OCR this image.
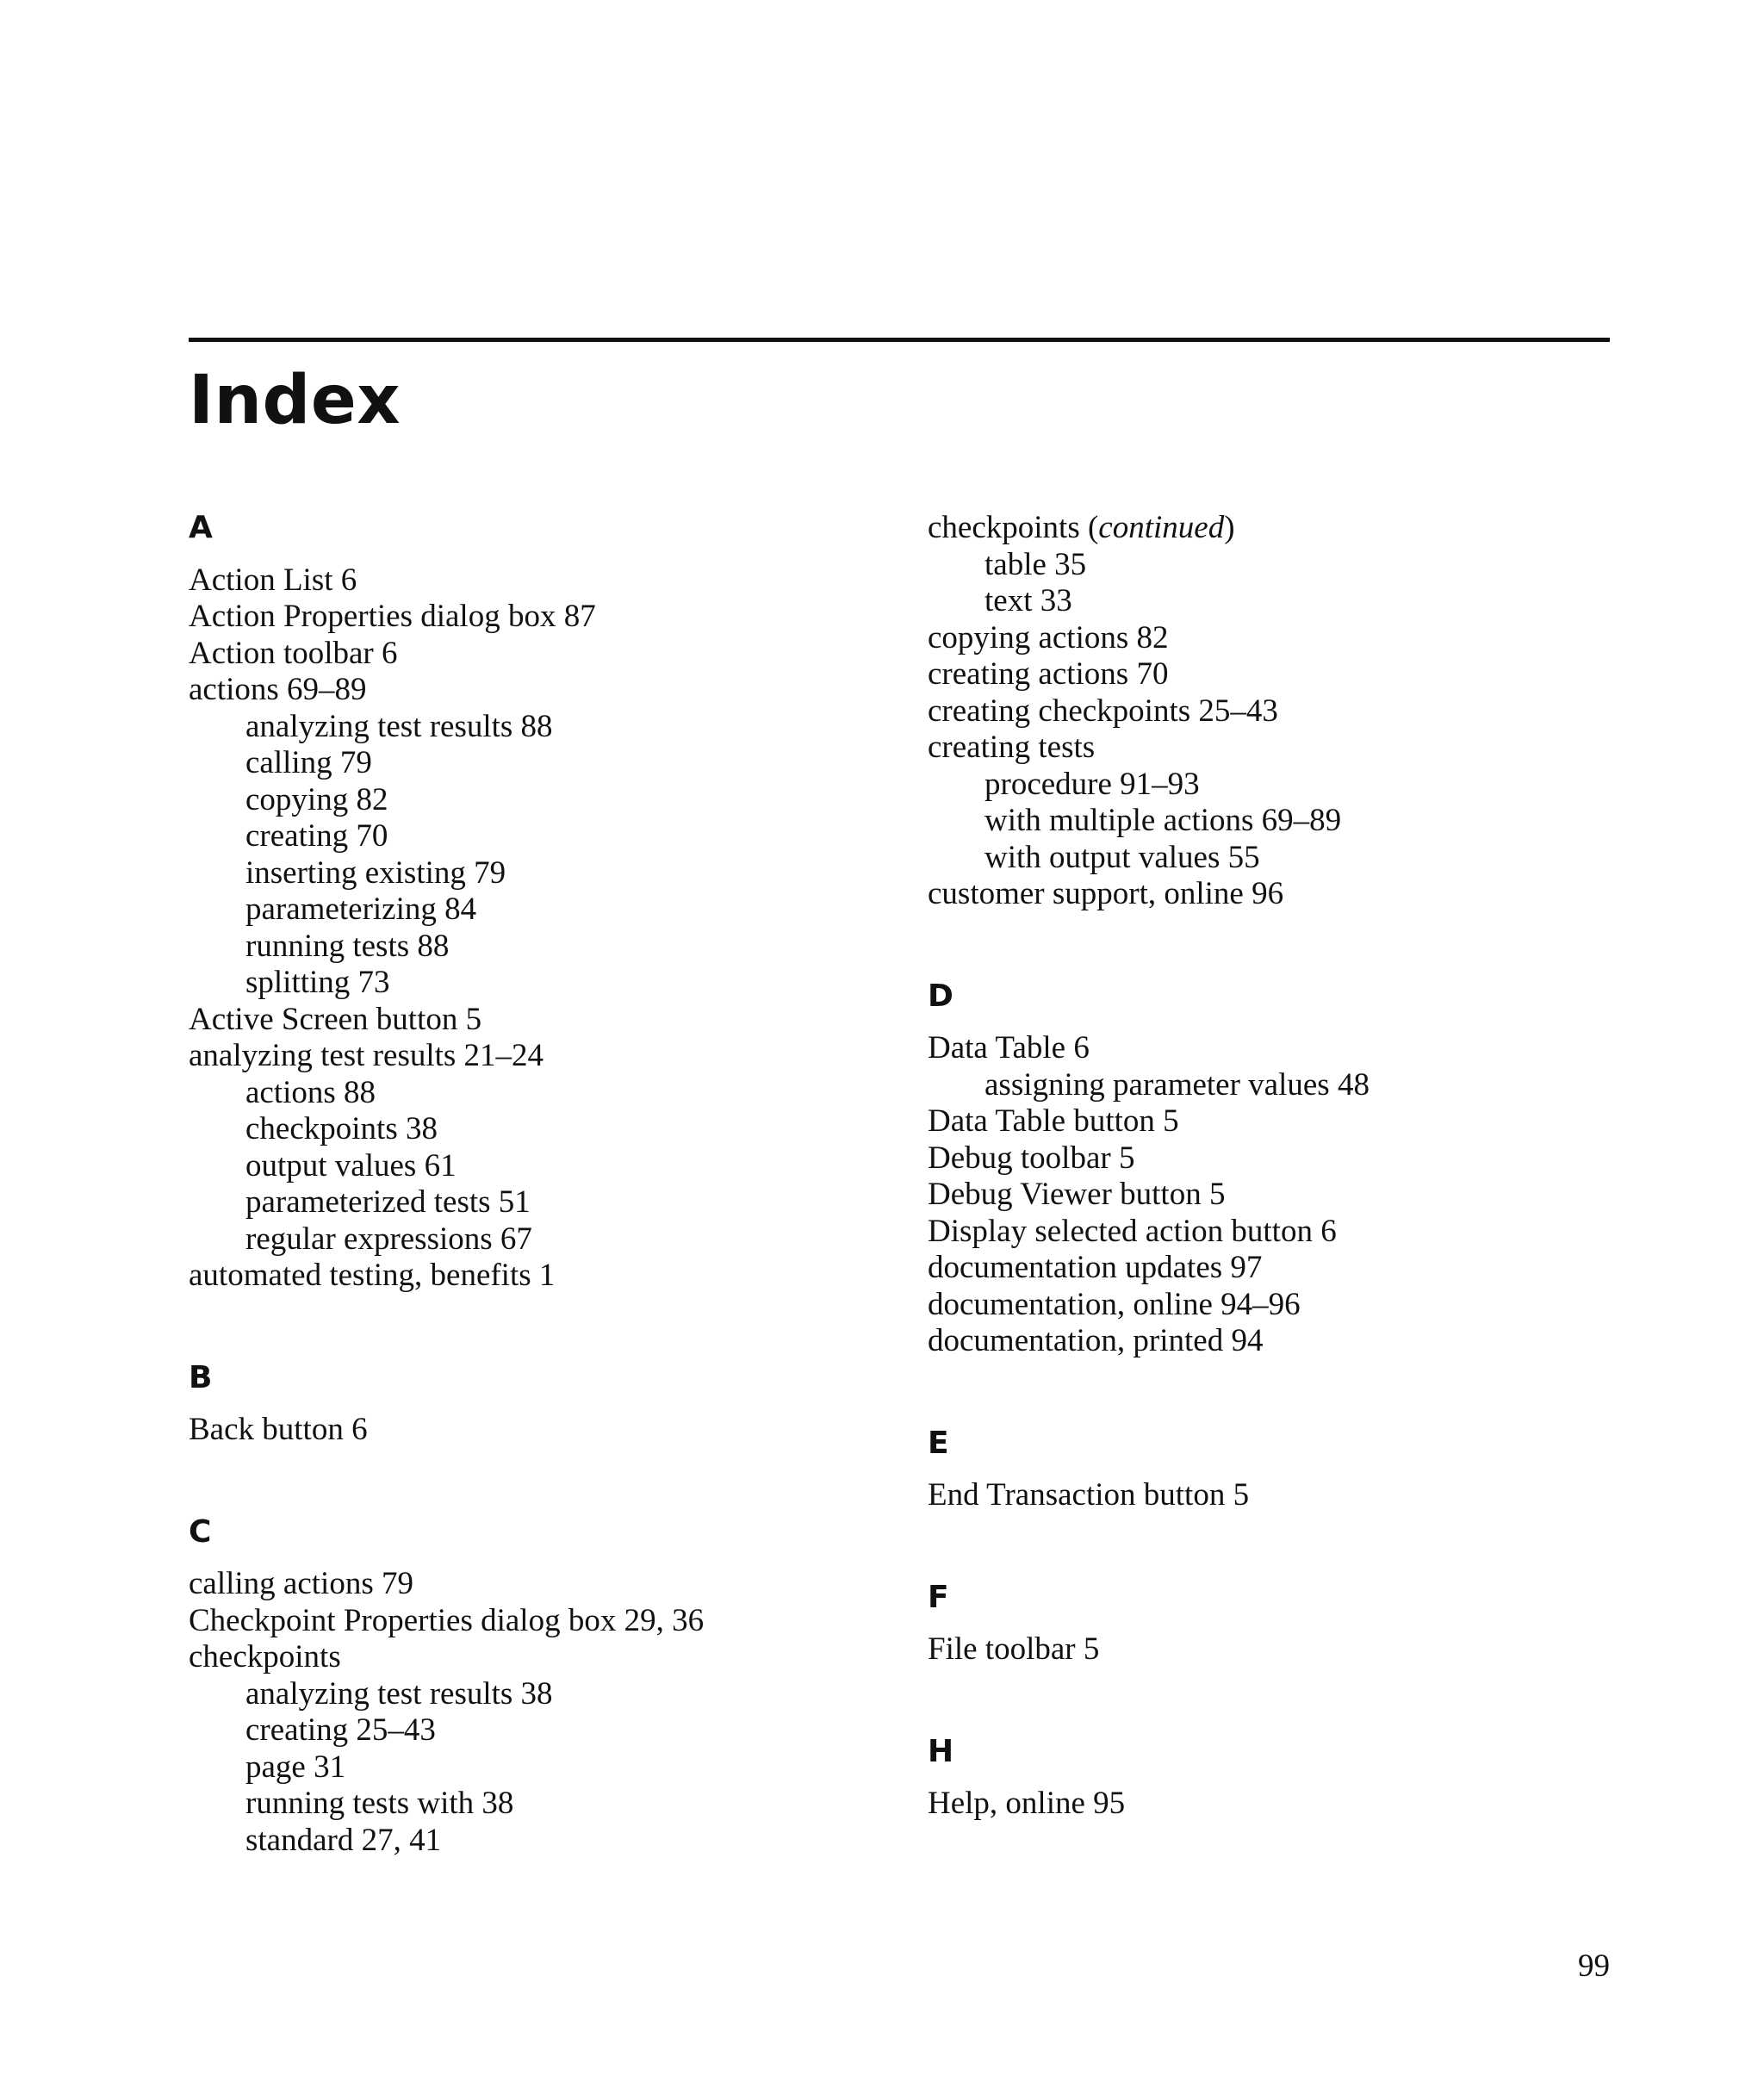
Index
A
Action List 6
Action Properties dialog box 87
Action toolbar 6
actions 69–89
analyzing test results 88
calling 79
copying 82
creating 70
inserting existing 79
parameterizing 84
running tests 88
splitting 73
Active Screen button 5
analyzing test results 21–24
actions 88
checkpoints 38
output values 61
parameterized tests 51
regular expressions 67
automated testing, benefits 1
B
Back button 6
C
calling actions 79
Checkpoint Properties dialog box 29, 36
checkpoints
analyzing test results 38
creating 25–43
page 31
running tests with 38
standard 27, 41
checkpoints (continued)
table 35
text 33
copying actions 82
creating actions 70
creating checkpoints 25–43
creating tests
procedure 91–93
with multiple actions 69–89
with output values 55
customer support, online 96
D
Data Table 6
assigning parameter values 48
Data Table button 5
Debug toolbar 5
Debug Viewer button 5
Display selected action button 6
documentation updates 97
documentation, online 94–96
documentation, printed 94
E
End Transaction button 5
F
File toolbar 5
H
Help, online 95
99
